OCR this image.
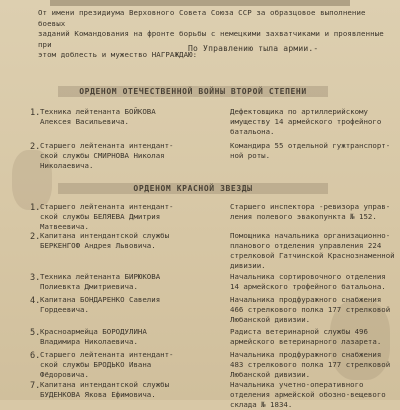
От имени президиума Верховного Совета Союза ССР за образцовое выполнение боевых
заданий Командования на фронте борьбы с немецкими захватчиками и проявленные при
этом доблесть и мужество НАГРАЖДАЮ:
По Управлению тыла армии.-
ОРДЕНОМ ОТЕЧЕСТВЕННОЙ ВОЙНЫ ВТОРОЙ СТЕПЕНИ
1. Техника лейтенанта БОЙКОВА
Алексея Васильевича.
Дефектовщика по артиллерийскому
имуществу 14 армейского трофейного
батальона.
2. Старшего лейтенанта интендант-
ской службы СМИРНОВА Николая
Николаевича.
Командира 55 отдельной гужтранспорт-
ной роты.
ОРДЕНОМ КРАСНОЙ ЗВЕЗДЫ
1. Старшего лейтенанта интендант-
ской службы БЕЛЯЕВА Дмитрия
Матвеевича.
Старшего инспектора -ревизора управ-
ления полевого эвакопункта № 152.
2. Капитана интендантской службы
БЕРКЕНГОФ Андрея Львовича.
Помощника начальника организационно-
планового отделения управления 224
стрелковой Гатчинской Краснознаменной
дивизии.
3. Техника лейтенанта БИРЮКОВА
Полиевкта Дмитриевича.
Начальника сортировочного отделения
14 армейского трофейного батальона.
4. Капитана БОНДАРЕНКО Савелия
Гордеевича.
Начальника продфуражного снабжения
466 стрелкового полка 177 стрелковой
Любанской дивизии.
5. Красноармейца БОРОДУЛИНА
Владимира Николаевича.
Радиста ветеринарной службы 496
армейского ветеринарного лазарета.
6. Старшего лейтенанта интендант-
ской службы БРОДЬКО Ивана
Фёдоровича.
Начальника продфуражного снабжения
483 стрелкового полка 177 стрелковой
Любанской дивизии.
7. Капитана интендантской службы
БУДЕНКОВА Якова Ефимовича.
Начальника учетно-оперативного
отделения армейской обозно-вещевого
склада № 1834.
